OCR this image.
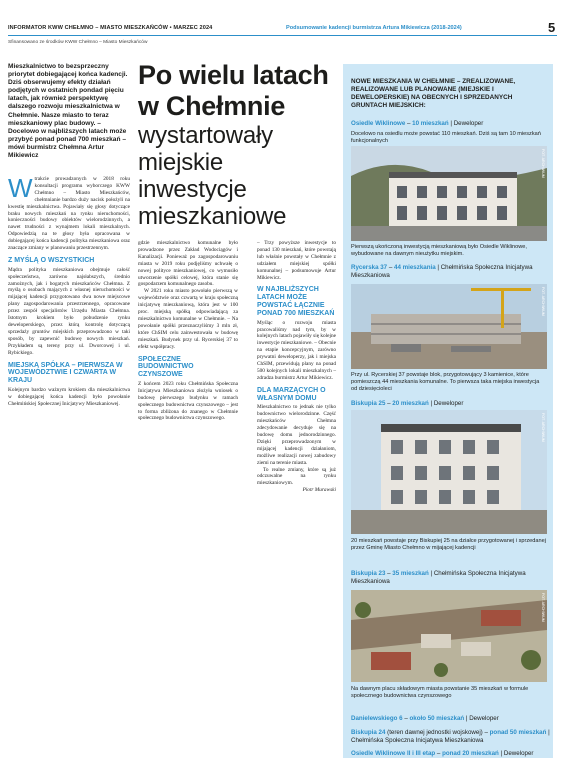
INFORMATOR KWW CHEŁMNO – MIASTO MIESZKAŃCÓW • MARZEC 2024	Podsumowanie kadencji burmistrza Artura Mikiewicza (2018-2024)	5
Sfinansowano ze środków KWW Chełmno – Miasto Mieszkańców
Mieszkalnictwo to bezsprzeczny priorytet dobiegającej końca kadencji. Dziś obserwujemy efekty działań podjętych w ostatnich pondad pięciu latach, jak również perspektywę dalszego rozwoju mieszkalnictwa w Chełmnie. Nasze miasto to teraz mieszkaniowy plac budowy. – Docelowo w najbliższych latach może przybyć ponad ponad 700 mieszkań – mówi burmistrz Chełmna Artur Mikiewicz
Po wielu latach w Chełmnie
wystartowały miejskie inwestycje mieszkaniowe
W trakcie prowadzonych w 2018 roku konsultacji programu wyborczego KWW Chełmno – Miasto Mieszkańców, chełmnianie bardzo duży nacisk położyli na kwestię mieszkalnictwa. Pojawiały się głosy dotyczące braku nowych mieszkań na rynku nieruchomości, konieczności budowy obiektów wielorodzinnych, a nawet trudności z wynajmem lokali mieszkalnych. Odpowiedzią na te głosy była opracowana w dobiegającej końca kadencji polityka mieszkaniowa oraz znaczące zmiany w planowaniu przestrzennym.
Z MYŚLĄ O WSZYSTKICH
Mądra polityka mieszkaniowa obejmuje całość społeczeństwa, zarówno najsłabszych, średnio zamożnych, jak i bogatych mieszkańców Chełmna. Z myślą o osobach mających z własnej nieruchomości w mijającej kadencji przygotowano dwa nowe miejscowe plany zagospodarowania przestrzennego, opracowane przez zespół specjalistów Urzędu Miasta Chełmna. Istotnym krokiem było pobudzenie rynku deweloperskiego, przez którą kontrolę dotyczącą sprzedaży gruntów miejskich przeprowadzono w taki sposób, by zapewnić budowę nowych mieszkań. Przykładem są tereny przy ul. Dworcowej i ul. Rybickiego.
MIEJSKA SPÓŁKA – PIERWSZA W WOJEWÓDZTWIE I CZWARTA W KRAJU
Kolejnym bardzo ważnym krokiem dla mieszkalnictwa w dobiegającej końca kadencji było powołanie Chełmińskiej Społecznej Inicjatywy Mieszkaniowej.
gdzie mieszkalnictwo komunalne było prowadzone przez Zakład Wodociągów i Kanalizacji. Ponieważ po zagospodarowaniu miasta w 2019 roku podjęliśmy uchwałę o nowej polityce mieszkaniowej, co wymusiło utworzenie spółki celowej, która stanie się gospodarzem komunalnego zasobu.
W 2021 roku miasto powołało pierwszą w województwie oraz czwartą w kraju społeczną inicjatywę mieszkaniową, która jest w 100 proc. miejską spółką odpowiadającą za mieszkalnictwo komunalne w Chełmnie. – Na powołanie spółki przeznaczyliśmy 3 mln zł, które ChSIM celu zainwestowała w budowę mieszkań. Budynek przy ul. Rycerskiej 37 to efekt współpracy.
SPOŁECZNE BUDOWNICTWO CZYNSZOWE
Z końcem 2023 roku Chełmińska Społeczna Inicjatywa Mieszkaniowa złożyła wniosek o budowę pierwszego budynku w ramach społecznego budownictwa czynszowego – jest to forma zbliżona do znanego w Chełmnie społecznego budownictwa czynszowego.
– Trzy powyższe inwestycje to ponad 130 mieszkań, które powstają lub właśnie powstały w Chełmnie z udziałem miejskiej spółki komunalnej – podsumowuje Artur Mikiewicz.
W NAJBLIŻSZYCH LATACH MOŻE POWSTAĆ ŁĄCZNIE PONAD 700 MIESZKAŃ
Myśląc o rozwoju miasta pracowaliśmy nad tym, by w kolejnych latach pojawiły się kolejne inwestycje mieszkaniowe. – Obecnie na etapie koncepcyjnym, zarówno prywatni deweloperzy, jak i miejska ChSIM, przewidują plany na ponad 500 kolejnych lokali mieszkalnych – zdradza burmistrz Artur Mikiewicz.
DLA MARZĄCYCH O WŁASNYM DOMU
Mieszkalnictwo to jednak nie tylko budownictwo wielorodzinne. Część mieszkańców Chełmna zdecydowanie decyduje się na budowę domu jednorodzinnego. Dzięki przeprowadzonym w mijającej kadencji działaniom, możliwe realizacji nowej zabudowy ziemi na terenie miasta.
To realne zmiany, które są już odczuwalne na rynku mieszkaniowym.
Piotr Murawski
NOWE MIESZKANIA W CHEŁMNIE – ZREALIZOWANE, REALIZOWANE LUB PLANOWANE (MIEJSKIE I DEWELOPERSKIE) NA OBECNYCH I SPRZEDANYCH GRUNTACH MIEJSKICH:
Osiedle Wiklinowe – 10 mieszkań | Deweloper
Docelowo na osiedlu może powstać 110 mieszkań. Dziś są tam 10 mieszkań funkcjonalnych
FOT. ARCHIWUM
Pierwszą ukończoną inwestycją mieszkaniową było Osiedle Wiklinowe, wybudowane na dawnym nieużytku miejskim.
Rycerska 37 – 44 mieszkania | Chełmińska Społeczna Inicjatywa Mieszkaniowa
FOT. ARCHIWUM
Przy ul. Rycerskiej 37 powstaje blok, przygotowujący 3 kamienice, które pomieszczą 44 mieszkania komunalne. To pierwsza taka miejska inwestycja od dziesięcioleci
Biskupia 25 – 20 mieszkań | Deweloper
FOT. ARCHIWUM
20 mieszkań powstaje przy Biskupiej 25 na działce przygotowanej i sprzedanej przez Gminę Miasto Chełmno w mijającej kadencji
Biskupia 23 – 35 mieszkań | Chełmińska Społeczna Inicjatywa Mieszkaniowa
FOT. ARCHIWUM
Na dawnym placu składowym miasta powstanie 35 mieszkań w formule społecznego budownictwa czynszowego
Danielewskiego 6 – około 50 mieszkań | Deweloper
Biskupia 24 (teren dawnej jednostki wojskowej) – ponad 50 mieszkań | Chełmińska Społeczna Inicjatywa Mieszkaniowa
Osiedle Wiklinowe II i III etap – ponad 20 mieszkań | Deweloper
